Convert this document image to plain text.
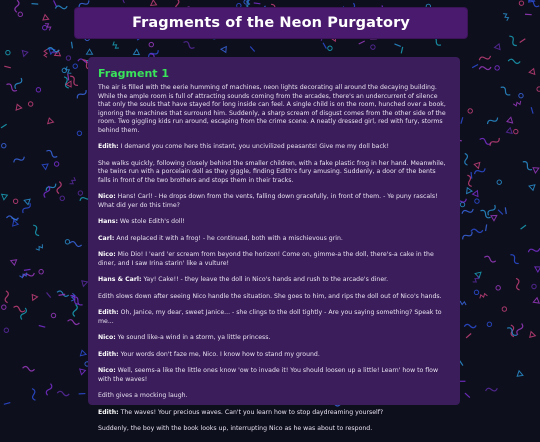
Fragments of the Neon Purgatory
Fragment 1

The air is filled with the eerie humming of machines, neon lights decorating all around the decaying building. While the ample room is full of attracting sounds coming from the arcades, there's an undercurrent of silence that only the souls that have stayed for long inside can feel. A single child is on the room, hunched over a book, ignoring the machines that surround him. Suddenly, a sharp scream of disgust comes from the other side of the room. Two giggling kids run around, escaping from the crime scene. A neatly dressed girl, red with fury, storms behind them.

Edith: I demand you come here this instant, you uncivilized peasants! Give me my doll back!

She walks quickly, following closely behind the smaller children, with a fake plastic frog in her hand. Meanwhile, the twins run with a porcelain doll as they giggle, finding Edith's fury amusing. Suddenly, a door of the bents falls in front of the two brothers and stops them in their tracks.

Nico: Hans! Carl! - He drops down from the vents, falling down gracefully, in front of them. - Ye puny rascals! What did yer do this time?

Hans: We stole Edith's doll!

Carl: And replaced it with a frog! - he continued, both with a mischievous grin.

Nico: Mio Dio! I 'eard 'er scream from beyond the horizon! Come on, gimme-a the doll, there's-a cake in the diner, and I saw Irina starin' like a vulture!

Hans & Carl: Yay! Cake!! - they leave the doll in Nico's hands and rush to the arcade's diner.

Edith slows down after seeing Nico handle the situation. She goes to him, and rips the doll out of Nico's hands.

Edith: Oh, Janice, my dear, sweet Janice... - she clings to the doll tightly - Are you saying something? Speak to me...

Nico: Ye sound like-a wind in a storm, ya little princess.

Edith: Your words don't faze me, Nico. I know how to stand my ground.

Nico: Well, seems-a like the little ones know 'ow to invade it! You should loosen up a little! Learn' how to flow with the waves!

Edith gives a mocking laugh.

Edith: The waves! Your precious waves. Can't you learn how to stop daydreaming yourself?

Suddenly, the boy with the book looks up, interrupting Nico as he was about to respond.
